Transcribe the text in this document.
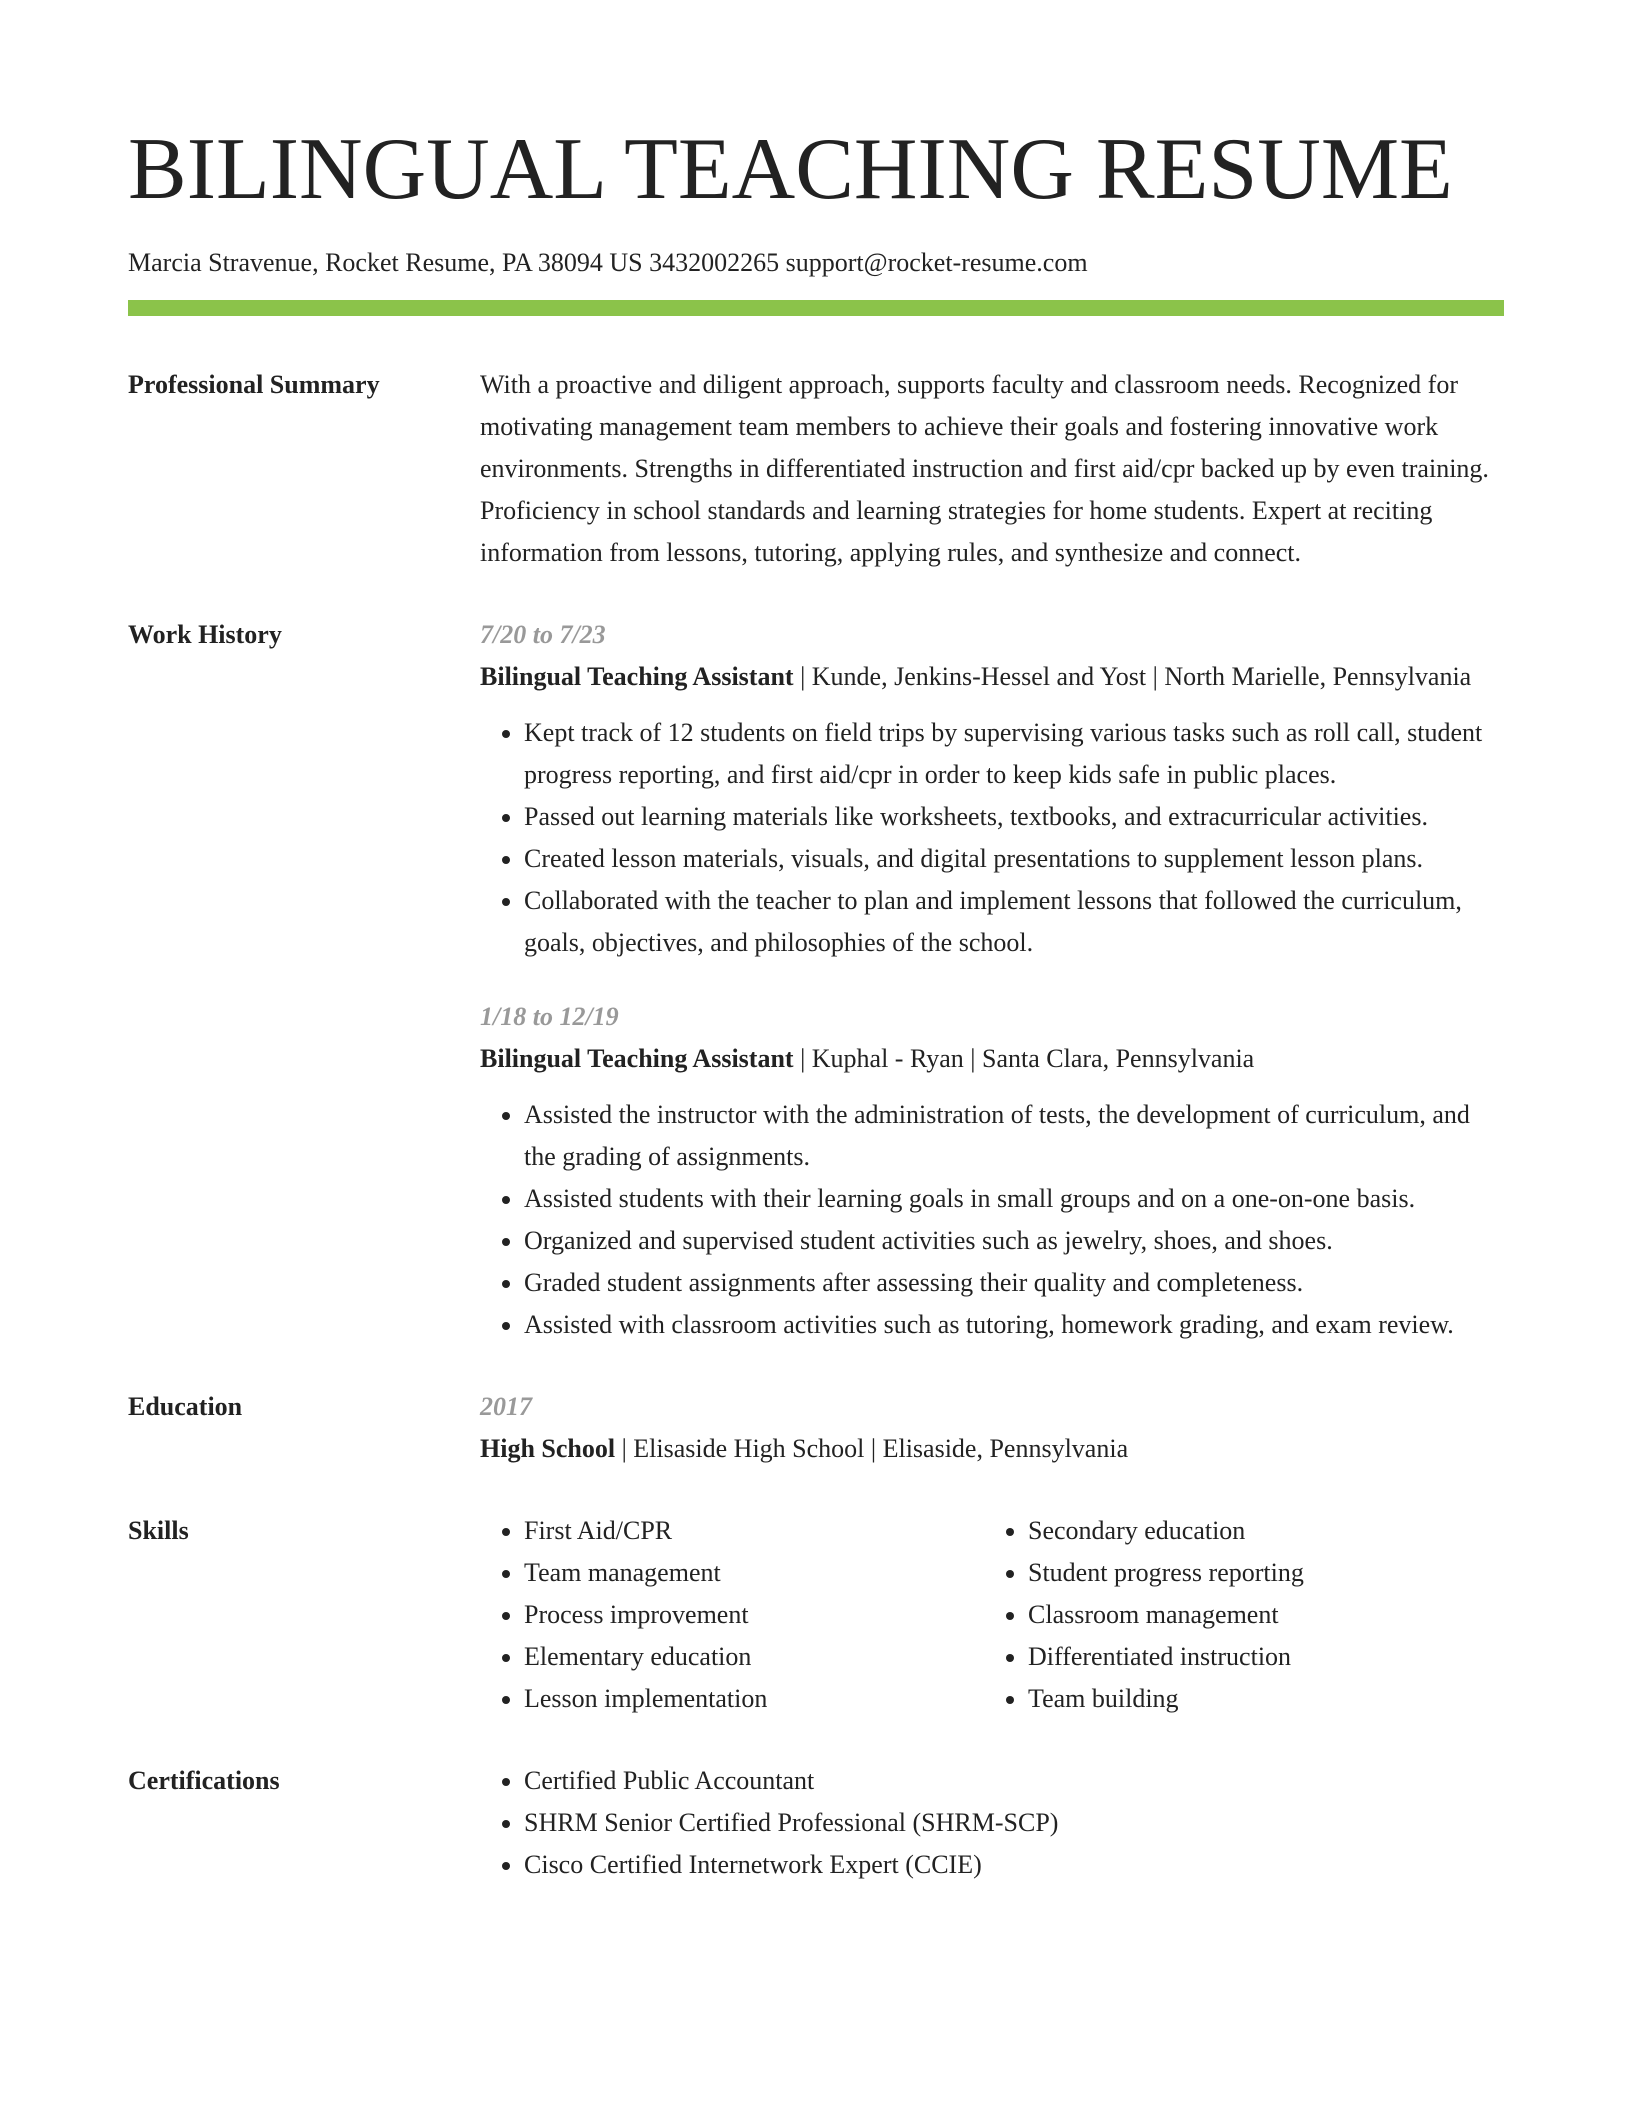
BILINGUAL TEACHING RESUME
Marcia Stravenue, Rocket Resume, PA 38094 US 3432002265 support@rocket-resume.com
Professional Summary	With a proactive and diligent approach, supports faculty and classroom needs. Recognized for motivating management team members to achieve their goals and fostering innovative work environments. Strengths in differentiated instruction and first aid/cpr backed up by even training. Proficiency in school standards and learning strategies for home students. Expert at reciting information from lessons, tutoring, applying rules, and synthesize and connect.

Work History	7/20 to 7/23
Bilingual Teaching Assistant | Kunde, Jenkins-Hessel and Yost | North Marielle, Pennsylvania
• Kept track of 12 students on field trips by supervising various tasks such as roll call, student progress reporting, and first aid/cpr in order to keep kids safe in public places.
• Passed out learning materials like worksheets, textbooks, and extracurricular activities.
• Created lesson materials, visuals, and digital presentations to supplement lesson plans.
• Collaborated with the teacher to plan and implement lessons that followed the curriculum, goals, objectives, and philosophies of the school.
1/18 to 12/19
Bilingual Teaching Assistant | Kuphal - Ryan | Santa Clara, Pennsylvania
• Assisted the instructor with the administration of tests, the development of curriculum, and the grading of assignments.
• Assisted students with their learning goals in small groups and on a one-on-one basis.
• Organized and supervised student activities such as jewelry, shoes, and shoes.
• Graded student assignments after assessing their quality and completeness.
• Assisted with classroom activities such as tutoring, homework grading, and exam review.
Education	2017
High School | Elisaside High School | Elisaside, Pennsylvania
Skills	• First Aid/CPR
• Team management
• Process improvement
• Elementary education
• Lesson implementation
• Secondary education
• Student progress reporting
• Classroom management
• Differentiated instruction
• Team building
Certifications	• Certified Public Accountant
• SHRM Senior Certified Professional (SHRM-SCP)
• Cisco Certified Internetwork Expert (CCIE)
